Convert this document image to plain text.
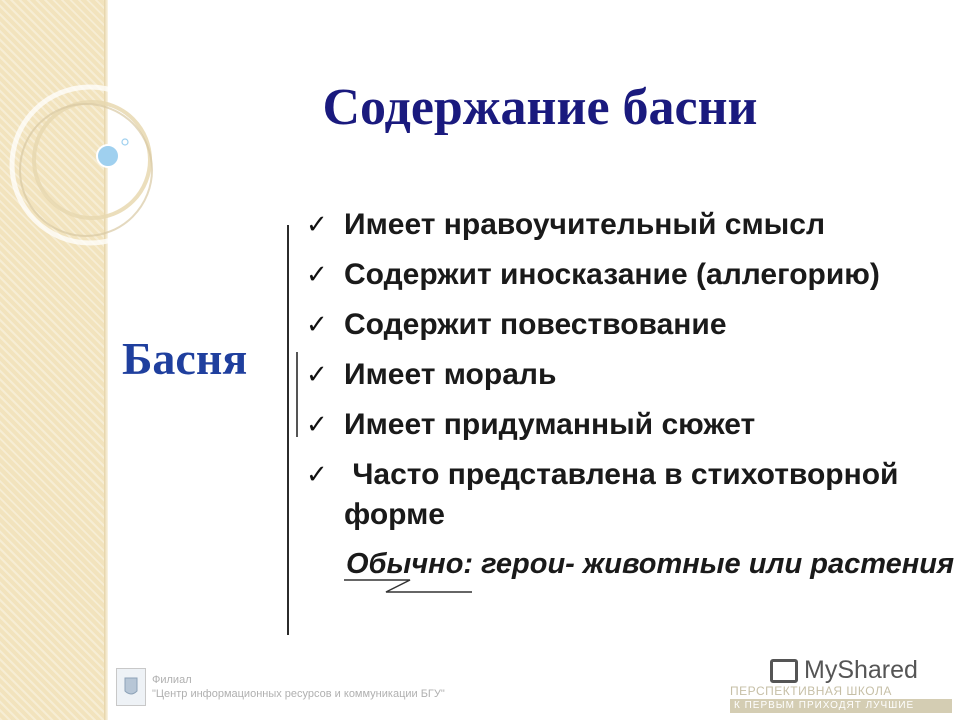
Содержание басни
Басня
✓ Имеет нравоучительный смысл
✓ Содержит иносказание (аллегорию)
✓ Содержит повествование
✓ Имеет мораль
✓ Имеет придуманный сюжет
✓ Часто представлена в стихотворной
форме
Обычно: герои- животные или растения
Филиал
"Центр информационных ресурсов и коммуникации БГУ"
MyShared
ПЕРСПЕКТИВНАЯ ШКОЛА
К ПЕРВЫМ ПРИХОДЯТ ЛУЧШИЕ
